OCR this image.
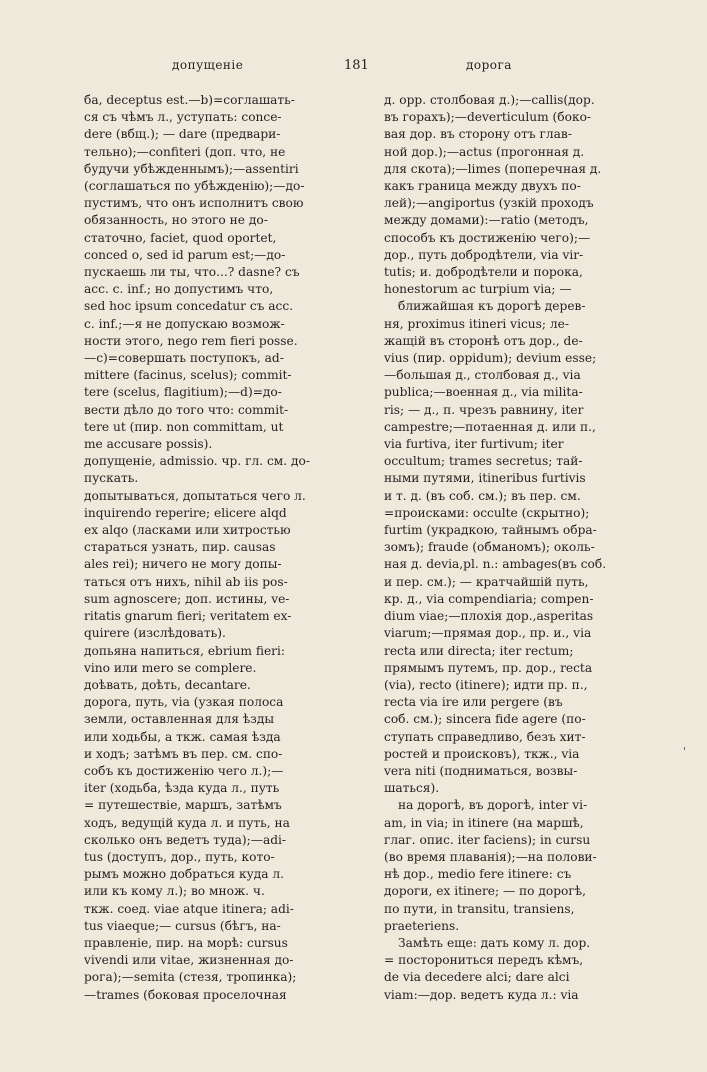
допущеніе	181	дорога
ба, deceptus est.—b)=соглашать-
ся съ чѣмъ л., уступать: conce-
dere (вбщ.); — dare (предвари-
тельно);—confiteri (доп. что, не
будучи убѣжденнымъ);—assentiri
(соглашаться по убѣжденію);—до-
пустимъ, что онъ исполнитъ свою
обязанность, но этого не до-
статочно, faciet, quod oportet,
conced o, sed id parum est;—до-
пускаешь ли ты, что...? dasne? съ
acc. с. inf.; но допустимъ что,
sed hoc ipsum concedatur съ acc.
с. inf.;—я не допускаю возмож-
ности этого, nego rem fieri posse.
—c)=совершать поступокъ, ad-
mittere (facinus, scelus); commit-
tere (scelus, flagitium);—d)=до-
вести дѣло до того что: commit-
tere ut (пир. non committam, ut
me accusare possis).
допущеніе, admissio. чр. гл. см. до-
пускать.
допытываться, допытаться чего л.
inquirendo reperire; elicere alqd
ex alqo (ласками или хитростью
стараться узнать, пир. causas
ales rei); ничего не могу допы-
таться отъ нихъ, nihil ab iis pos-
sum agnoscere; доп. истины, ve-
ritatis gnarum fieri; veritatem ex-
quirere (изслѣдовать).
допьяна напиться, ebrium fieri:
vino или mero se complere.
доѣвать, доѣть, decantare.
дорога, путь, via (узкая полоса
земли, оставленная для ѣзды
или ходьбы, а ткж. самая ѣзда
и ходъ; затѣмъ въ пер. см. спо-
собъ къ достиженію чего л.);—
iter (ходьба, ѣзда куда л., путь
= путешествіе, маршъ, затѣмъ
ходъ, ведущій куда л. и путь, на
сколько онъ ведетъ туда);—adi-
tus (доступъ, дор., путь, кото-
рымъ можно добраться куда л.
или къ кому л.); во множ. ч.
ткж. соед. viae atque itinera; adi-
tus viaeque;— cursus (бѣгъ, на-
правленіе, пир. на морѣ: cursus
vivendi или vitae, жизненная до-
рога);—semita (стезя, тропинка);
—trames (боковая проселочная
д. орр. столбовая д.);—callis(дор.
въ горахъ);—deverticulum (боко-
вая дор. въ сторону отъ глав-
ной дор.);—actus (прогонная д.
для скота);—limes (поперечная д.
какъ граница между двухъ по-
лей);—angiportus (узкій проходъ
между домами):—ratio (методъ,
способъ къ достиженію чего);—
дор., путь добродѣтели, via vir-
tutis; и. добродѣтели и порока,
honestorum ac turpium via; —
ближайшая къ дорогѣ дерев-
ня, proximus itineri vicus; ле-
жащій въ сторонѣ отъ дор., de-
vius (пир. oppidum); devium esse;
—большая д., столбовая д., via
publica;—военная д., via milita-
ris; — д., п. чрезъ равнину, iter
campestre;—потаенная д. или п.,
via furtiva, iter furtivum; iter
occultum; trames secretus; тай-
ными путями, itineribus furtivis
и т. д. (въ соб. см.); въ пер. см.
=происками: occulte (скрытно);
furtim (украдкою, тайнымъ обра-
зомъ); fraude (обманомъ); околь-
ная д. devia,pl. n.: ambages(въ соб.
и пер. см.); — кратчайшій путь,
кр. д., via compendiaria; compen-
dium viae;—плохія дор.,asperitas
viarum;—прямая дор., пр. и., via
recta или directa; iter rectum;
прямымъ путемъ, пр. дор., recta
(via), recto (itinere); идти пр. п.,
recta via ire или pergere (въ
соб. см.); sincera fide agere (по-
ступать справедливо, безъ хит-
ростей и происковъ), ткж., via
vera niti (подниматься, возвы-
шаться).
на дорогѣ, въ дорогѣ, inter vi-
am, in via; in itinere (на маршѣ,
глаг. опис. iter faciens); in cursu
(во время плаванія);—на полови-
нѣ дор., medio fere itinere: съ
дороги, ex itinere; — по дорогѣ,
по пути, in transitu, transiens,
praeteriens.
Замѣть еще: дать кому л. дор.
= посторониться передъ кѣмъ,
de via decedere alci; dare alci
viam:—дор. ведетъ куда л.: via
'
